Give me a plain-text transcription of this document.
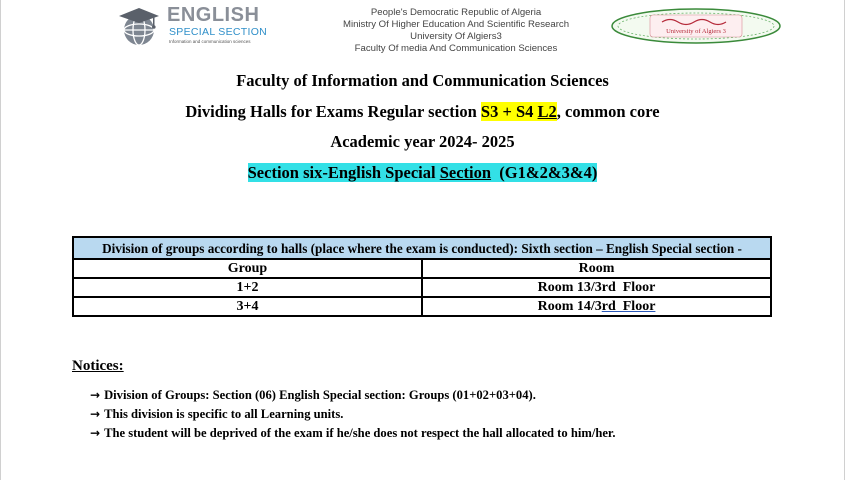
ENGLISH
SPECIAL SECTION
Information and communication sciences
People's Democratic Republic of Algeria
Ministry Of Higher Education And Scientific Research
University Of Algiers3
Faculty Of media And Communication Sciences
University of Algiers 3
Faculty of Information and Communication Sciences
Dividing Halls for Exams Regular section S3 + S4 L2, common core
Academic year 2024- 2025
Section six-English Special Section  (G1&2&3&4)
Division of groups according to halls (place where the exam is conducted): Sixth section – English Special section -	
Group	Room
1+2	Room 13/3rd  Floor
3+4	Room 14/3rd  Floor
Notices:
→ Division of Groups: Section (06) English Special section: Groups (01+02+03+04).
→ This division is specific to all Learning units.
→ The student will be deprived of the exam if he/she does not respect the hall allocated to him/her.
